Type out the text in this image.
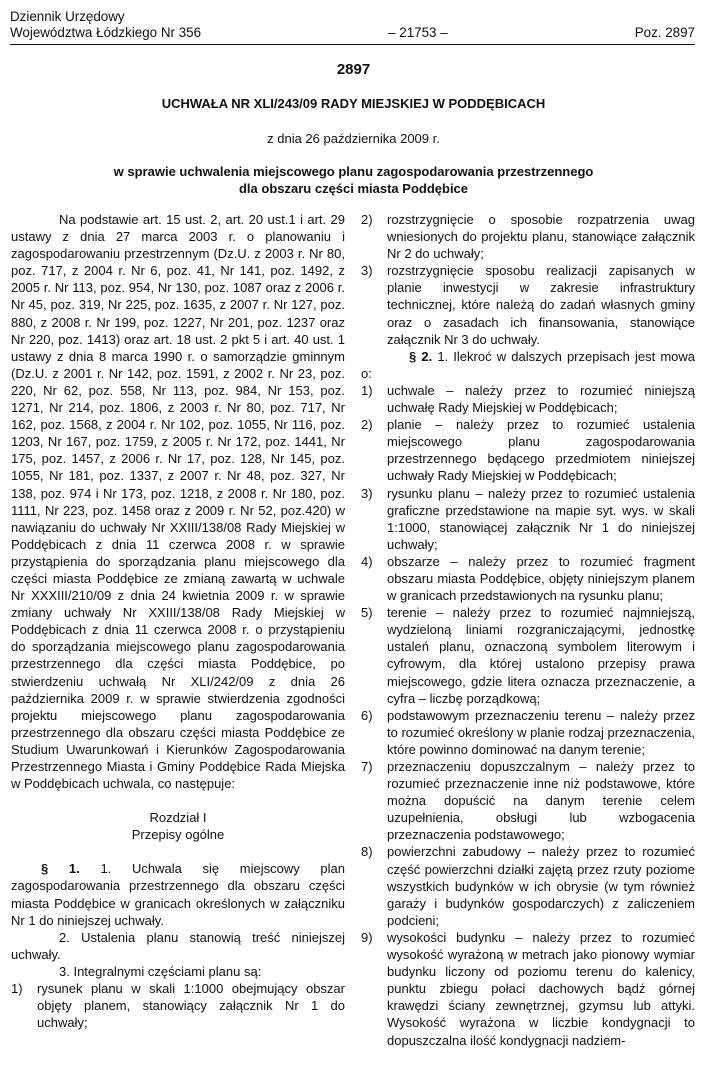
Dziennik Urzędowy
Województwa Łódzkiego Nr 356	– 21753 –	Poz. 2897
2897
UCHWAŁA NR XLI/243/09 RADY MIEJSKIEJ W PODDĘBICACH
z dnia 26 października 2009 r.
w sprawie uchwalenia miejscowego planu zagospodarowania przestrzennego
dla obszaru części miasta Poddębice

Na podstawie art. 15 ust. 2, art. 20 ust.1 i art. 29 ustawy z dnia 27 marca 2003 r. o planowaniu i zagospodarowaniu przestrzennym (Dz.U. z 2003 r. Nr 80, poz. 717, z 2004 r. Nr 6, poz. 41, Nr 141, poz. 1492, z 2005 r. Nr 113, poz. 954, Nr 130, poz. 1087 oraz z 2006 r. Nr 45, poz. 319, Nr 225, poz. 1635, z 2007 r. Nr 127, poz. 880, z 2008 r. Nr 199, poz. 1227, Nr 201, poz. 1237 oraz Nr 220, poz. 1413) oraz art. 18 ust. 2 pkt 5 i art. 40 ust. 1 ustawy z dnia 8 marca 1990 r. o samorządzie gminnym (Dz.U. z 2001 r. Nr 142, poz. 1591, z 2002 r. Nr 23, poz. 220, Nr 62, poz. 558, Nr 113, poz. 984, Nr 153, poz. 1271, Nr 214, poz. 1806, z 2003 r. Nr 80, poz. 717, Nr 162, poz. 1568, z 2004 r. Nr 102, poz. 1055, Nr 116, poz. 1203, Nr 167, poz. 1759, z 2005 r. Nr 172, poz. 1441, Nr 175, poz. 1457, z 2006 r. Nr 17, poz. 128, Nr 145, poz. 1055, Nr 181, poz. 1337, z 2007 r. Nr 48, poz. 327, Nr 138, poz. 974 i Nr 173, poz. 1218, z 2008 r. Nr 180, poz. 1111, Nr 223, poz. 1458 oraz z 2009 r. Nr 52, poz.420) w nawiązaniu do uchwały Nr XXIII/138/08 Rady Miejskiej w Poddębicach z dnia 11 czerwca 2008 r. w sprawie przystąpienia do sporządzania planu miejscowego dla części miasta Poddębice ze zmianą zawartą w uchwale Nr XXXIII/210/09 z dnia 24 kwietnia 2009 r. w sprawie zmiany uchwały Nr XXIII/138/08 Rady Miejskiej w Poddębicach z dnia 11 czerwca 2008 r. o przystąpieniu do sporządzania miejscowego planu zagospodarowania przestrzennego dla części miasta Poddębice, po stwierdzeniu uchwałą Nr XLI/242/09 z dnia 26 października 2009 r. w sprawie stwierdzenia zgodności projektu miejscowego planu zagospodarowania przestrzennego dla obszaru części miasta Poddębice ze Studium Uwarunkowań i Kierunków Zagospodarowania Przestrzennego Miasta i Gminy Poddębice Rada Miejska w Poddębicach uchwala, co następuje:

Rozdział I

Przepisy ogólne

§ 1. 1. Uchwala się miejscowy plan zagospodarowania przestrzennego dla obszaru części miasta Poddębice w granicach określonych w załączniku Nr 1 do niniejszej uchwały.

2. Ustalenia planu stanowią treść niniejszej uchwały.

3. Integralnymi częściami planu są:

1)	rysunek planu w skali 1:1000 obejmujący obszar objęty planem, stanowiący załącznik Nr 1 do uchwały;

2)	rozstrzygnięcie o sposobie rozpatrzenia uwag wniesionych do projektu planu, stanowiące załącznik Nr 2 do uchwały;

3)	rozstrzygnięcie sposobu realizacji zapisanych w planie inwestycji w zakresie infrastruktury technicznej, które należą do zadań własnych gminy oraz o zasadach ich finansowania, stanowiące załącznik Nr 3 do uchwały.

§ 2. 1. Ilekroć w dalszych przepisach jest mowa o:

1)	uchwale – należy przez to rozumieć niniejszą uchwałę Rady Miejskiej w Poddębicach;

2)	planie – należy przez to rozumieć ustalenia miejscowego planu zagospodarowania przestrzennego będącego przedmiotem niniejszej uchwały Rady Miejskiej w Poddębicach;

3)	rysunku planu – należy przez to rozumieć ustalenia graficzne przedstawione na mapie syt. wys. w skali 1:1000, stanowiącej załącznik Nr 1 do niniejszej uchwały;

4)	obszarze – należy przez to rozumieć fragment obszaru miasta Poddębice, objęty niniejszym planem w granicach przedstawionych na rysunku planu;

5)	terenie – należy przez to rozumieć najmniejszą, wydzieloną liniami rozgraniczającymi, jednostkę ustaleń planu, oznaczoną symbolem literowym i cyfrowym, dla której ustalono przepisy prawa miejscowego, gdzie litera oznacza przeznaczenie, a cyfra – liczbę porządkową;

6)	podstawowym przeznaczeniu terenu – należy przez to rozumieć określony w planie rodzaj przeznaczenia, które powinno dominować na danym terenie;

7)	przeznaczeniu dopuszczalnym – należy przez to rozumieć przeznaczenie inne niż podstawowe, które można dopuścić na danym terenie celem uzupełnienia, obsługi lub wzbogacenia przeznaczenia podstawowego;

8)	powierzchni zabudowy – należy przez to rozumieć część powierzchni działki zajętą przez rzuty poziome wszystkich budynków w ich obrysie (w tym również garaży i budynków gospodarczych) z zaliczeniem podcieni;

9)	wysokości budynku – należy przez to rozumieć wysokość wyrażoną w metrach jako pionowy wymiar budynku liczony od poziomu terenu do kalenicy, punktu zbiegu połaci dachowych bądź górnej krawędzi ściany zewnętrznej, gzymsu lub attyki. Wysokość wyrażona w liczbie kondygnacji to dopuszczalna ilość kondygnacji nadziem-
